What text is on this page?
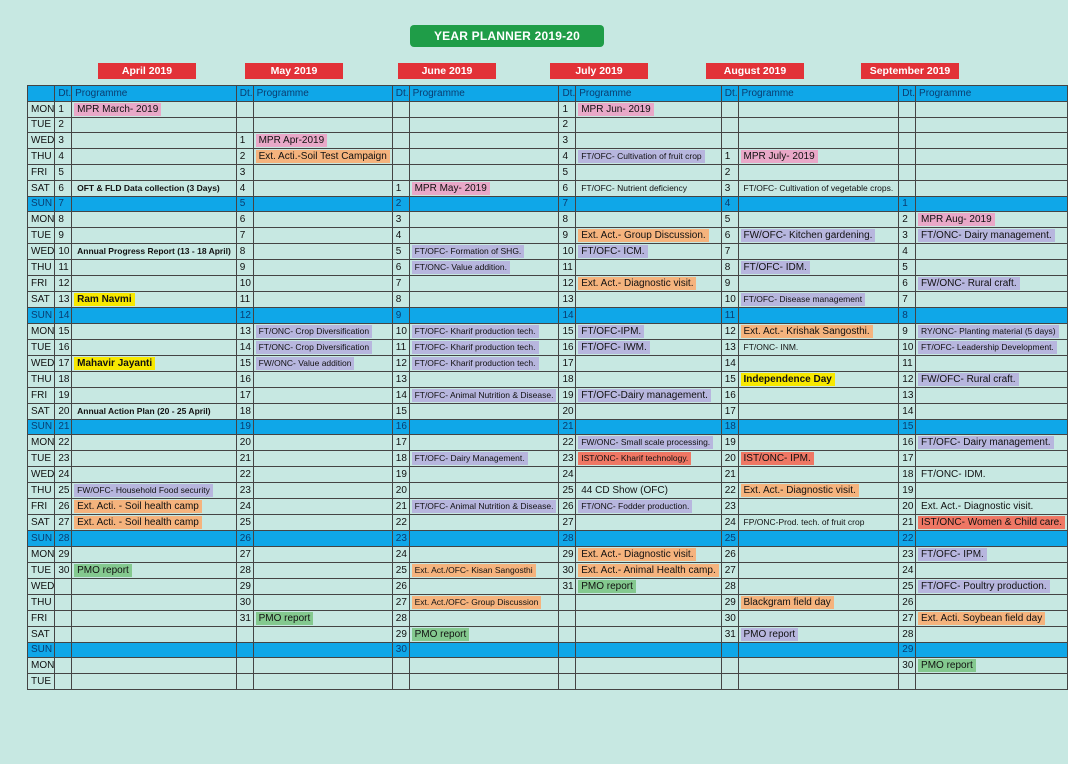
YEAR PLANNER 2019-20
April 2019	May 2019	June 2019	July 2019	August 2019	September 2019
	Dt.	Programme	Dt.	Programme	Dt.	Programme	Dt.	Programme	Dt.	Programme	Dt.	Programme
MON	1	MPR March- 2019					1	MPR Jun- 2019				
TUE	2						2					
WED	3		1	MPR Apr-2019			3					
THU	4		2	Ext. Acti.-Soil Test Campaign			4	FT/OFC- Cultivation of fruit crop	1	MPR July- 2019		
FRI	5		3				5		2			
SAT	6	OFT & FLD Data collection (3 Days)	4		1	MPR May- 2019	6	FT/OFC- Nutrient deficiency	3	FT/OFC- Cultivation of vegetable crops.		
SUN	7		5		2		7		4		1	
MON	8		6		3		8		5		2	MPR Aug- 2019
TUE	9		7		4		9	Ext. Act.- Group Discussion.	6	FW/OFC- Kitchen gardening.	3	FT/ONC- Dairy management.
WED	10	Annual Progress Report (13 - 18 April)	8		5	FT/OFC- Formation of SHG.	10	FT/OFC- ICM.	7		4	
THU	11		9		6	FT/ONC- Value addition.	11		8	FT/OFC- IDM.	5	
FRI	12		10		7		12	Ext. Act.- Diagnostic visit.	9		6	FW/ONC- Rural craft.
SAT	13	Ram Navmi	11		8		13		10	FT/OFC- Disease management	7	
SUN	14		12		9		14		11		8	
MON	15		13	FT/ONC- Crop Diversification	10	FT/OFC- Kharif production tech.	15	FT/OFC-IPM.	12	Ext. Act.- Krishak Sangosthi.	9	RY/ONC- Planting material (5 days)
TUE	16		14	FT/ONC- Crop Diversification	11	FT/OFC- Kharif production tech.	16	FT/OFC- IWM.	13	FT/ONC- INM.	10	FT/OFC- Leadership Development.
WED	17	Mahavir Jayanti	15	FW/ONC- Value addition	12	FT/OFC- Kharif production tech.	17		14		11	
THU	18		16		13		18		15	Independence Day	12	FW/OFC- Rural craft.
FRI	19		17		14	FT/OFC- Animal Nutrition & Disease.	19	FT/OFC-Dairy management.	16		13	
SAT	20	Annual Action Plan (20 - 25 April)	18		15		20		17		14	
SUN	21		19		16		21		18		15	
MON	22		20		17		22	FW/ONC- Small scale processing.	19		16	FT/OFC- Dairy management.
TUE	23		21		18	FT/OFC- Dairy Management.	23	IST/ONC- Kharif technology.	20	IST/ONC- IPM.	17	
WED	24		22		19		24		21		18	FT/ONC- IDM.
THU	25	FW/OFC- Household Food security	23		20		25	44 CD Show (OFC)	22	Ext. Act.- Diagnostic visit.	19	
FRI	26	Ext. Acti. - Soil health camp	24		21	FT/OFC- Animal Nutrition & Disease.	26	FT/ONC- Fodder production.	23		20	Ext. Act.- Diagnostic visit.
SAT	27	Ext. Acti. - Soil health camp	25		22		27		24	FP/ONC-Prod. tech. of fruit crop	21	IST/ONC- Women & Child care.
SUN	28		26		23		28		25		22	
MON	29		27		24		29	Ext. Act.- Diagnostic visit.	26		23	FT/OFC- IPM.
TUE	30	PMO report	28		25	Ext. Act./OFC- Kisan Sangosthi	30	Ext. Act.- Animal Health camp.	27		24	
WED			29		26		31	PMO report	28		25	FT/OFC- Poultry production.
THU			30		27	Ext. Act./OFC- Group Discussion			29	Blackgram field day	26	
FRI			31	PMO report	28				30		27	Ext. Acti. Soybean field day
SAT					29	PMO report			31	PMO report	28	
SUN					30						29	
MON											30	PMO report
TUE												
